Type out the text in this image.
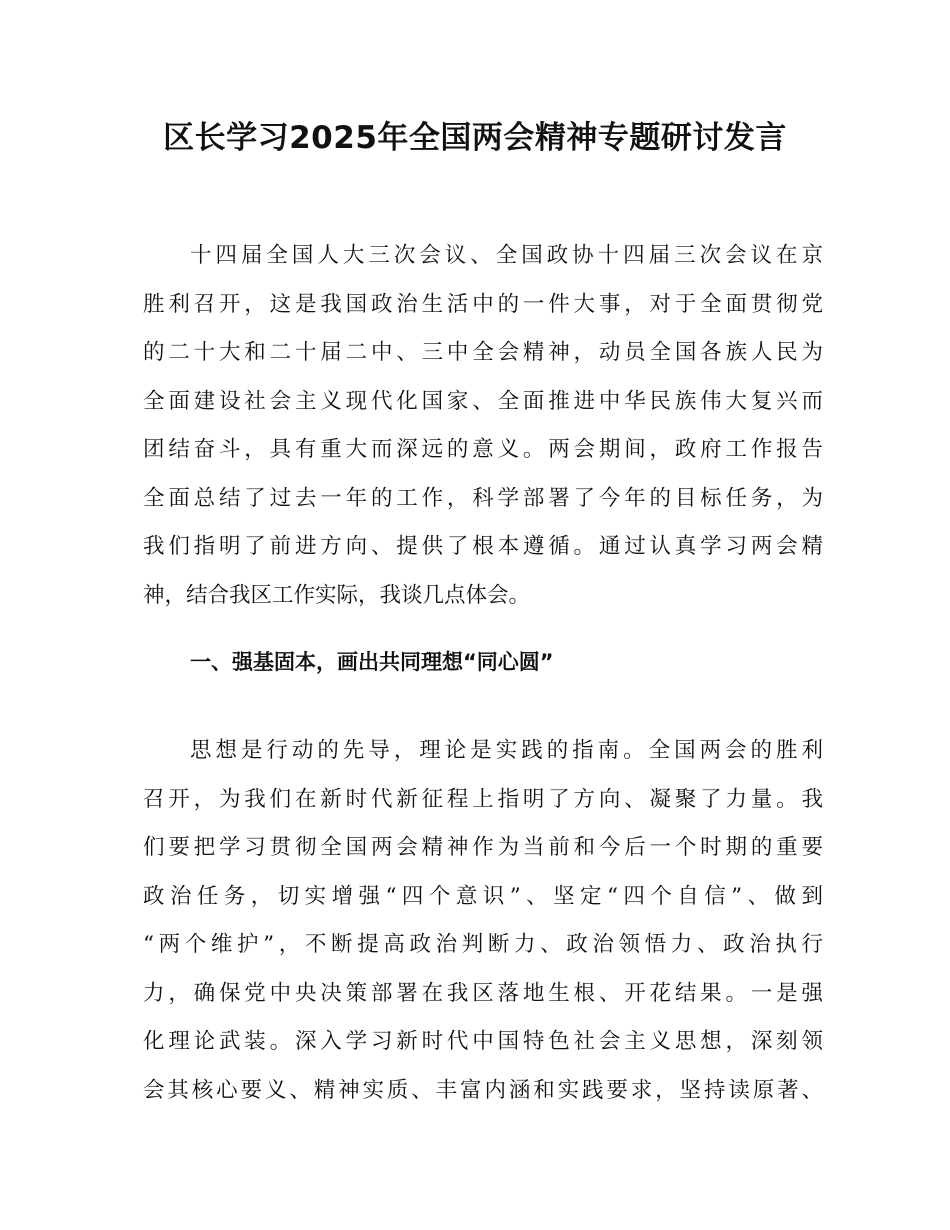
区长学习2025年全国两会精神专题研讨发言
十四届全国人大三次会议、全国政协十四届三次会议在京
胜利召开，这是我国政治生活中的一件大事，对于全面贯彻党
的二十大和二十届二中、三中全会精神，动员全国各族人民为
全面建设社会主义现代化国家、全面推进中华民族伟大复兴而
团结奋斗，具有重大而深远的意义。两会期间，政府工作报告
全面总结了过去一年的工作，科学部署了今年的目标任务，为
我们指明了前进方向、提供了根本遵循。通过认真学习两会精
神，结合我区工作实际，我谈几点体会。
一、强基固本，画出共同理想“同心圆”
思想是行动的先导，理论是实践的指南。全国两会的胜利
召开，为我们在新时代新征程上指明了方向、凝聚了力量。我
们要把学习贯彻全国两会精神作为当前和今后一个时期的重要
政治任务，切实增强“四个意识”、坚定“四个自信”、做到
“两个维护”，不断提高政治判断力、政治领悟力、政治执行
力，确保党中央决策部署在我区落地生根、开花结果。一是强
化理论武装。深入学习新时代中国特色社会主义思想，深刻领
会其核心要义、精神实质、丰富内涵和实践要求，坚持读原著、
